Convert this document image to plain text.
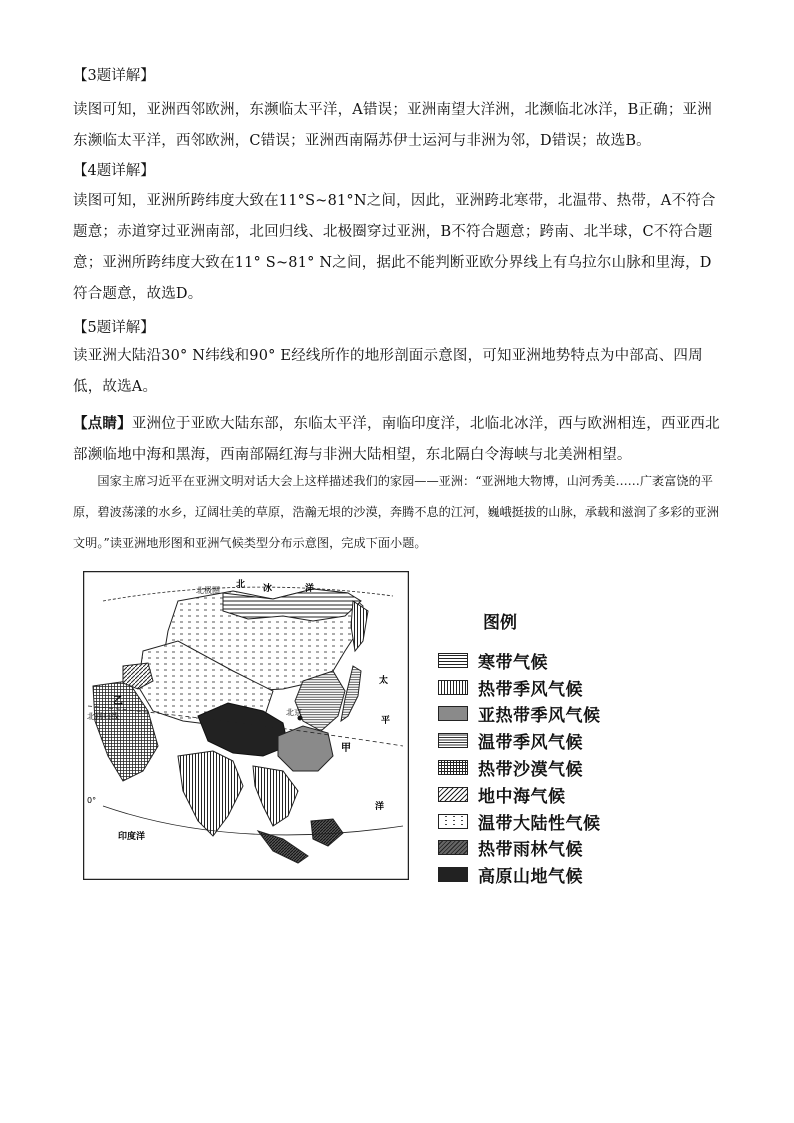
【3题详解】
读图可知，亚洲西邻欧洲，东濒临太平洋，A错误；亚洲南望大洋洲，北濒临北冰洋，B正确；亚洲东濒临太平洋，西邻欧洲，C错误；亚洲西南隔苏伊士运河与非洲为邻，D错误；故选B。
【4题详解】
读图可知，亚洲所跨纬度大致在11°S~81°N之间，因此，亚洲跨北寒带，北温带、热带，A不符合题意；赤道穿过亚洲南部，北回归线、北极圈穿过亚洲，B不符合题意；跨南、北半球，C不符合题意；亚洲所跨纬度大致在11° S~81° N之间，据此不能判断亚欧分界线上有乌拉尔山脉和里海，D符合题意，故选D。
【5题详解】
读亚洲大陆沿30° N纬线和90° E经线所作的地形剖面示意图，可知亚洲地势特点为中部高、四周低，故选A。
【点睛】亚洲位于亚欧大陆东部，东临太平洋，南临印度洋，北临北冰洋，西与欧洲相连，西亚西北部濒临地中海和黑海，西南部隔红海与非洲大陆相望，东北隔白令海峡与北美洲相望。
国家主席习近平在亚洲文明对话大会上这样描述我们的家园——亚洲：“亚洲地大物博，山河秀美……广袤富饶的平原，碧波荡漾的水乡，辽阔壮美的草原，浩瀚无垠的沙漠，奔腾不息的江河，巍峨挺拔的山脉，承载和滋润了多彩的亚洲文明。”读亚洲地形图和亚洲气候类型分布示意图，完成下面小题。
北极圈
北 冰	洋
太
平
洋
北回归线
乙
北京
甲
印度洋
0°
图例
寒带气候
热带季风气候
亚热带季风气候
温带季风气候
热带沙漠气候
地中海气候
温带大陆性气候
热带雨林气候
高原山地气候
